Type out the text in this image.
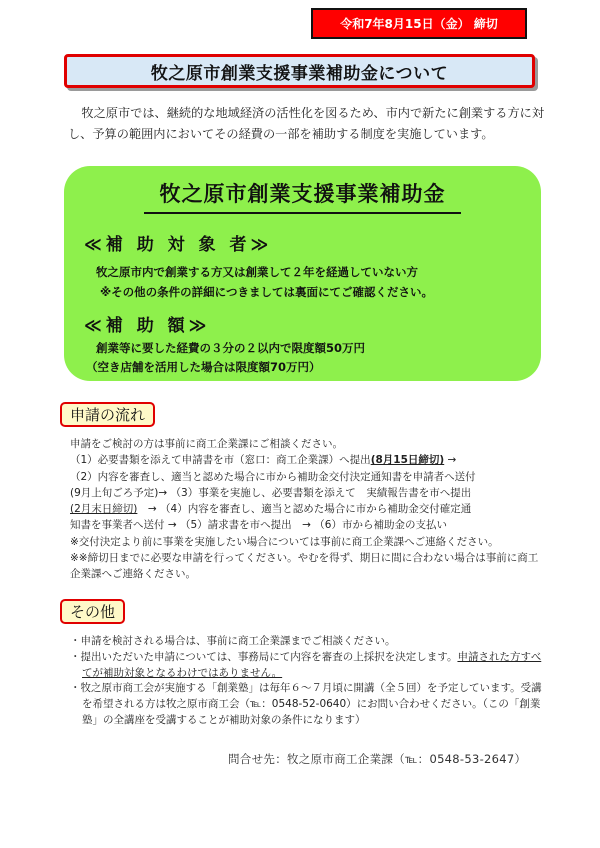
令和7年8月15日（金） 締切
牧之原市創業支援事業補助金について
牧之原市では、継続的な地域経済の活性化を図るため、市内で新たに創業する方に対し、予算の範囲内においてその経費の一部を補助する制度を実施しています。
牧之原市創業支援事業補助金
≪補 助 対 象 者≫
牧之原市内で創業する方又は創業して２年を経過していない方
※その他の条件の詳細につきましては裏面にてご確認ください。
≪補 助 額≫
創業等に要した経費の３分の２以内で限度額50万円
（空き店舗を活用した場合は限度額70万円）
申請の流れ
申請をご検討の方は事前に商工企業課にご相談ください。
（1）必要書類を添えて申請書を市（窓口：商工企業課）へ提出(8月15日締切) →
（2）内容を審査し、適当と認めた場合に市から補助金交付決定通知書を申請者へ送付
(9月上旬ごろ予定)→ （3）事業を実施し、必要書類を添えて　実績報告書を市へ提出
(2月末日締切)　→ （4）内容を審査し、適当と認めた場合に市から補助金交付確定通
知書を事業者へ送付 → （5）請求書を市へ提出　→ （6）市から補助金の支払い
※交付決定より前に事業を実施したい場合については事前に商工企業課へご連絡ください。
※※締切日までに必要な申請を行ってください。やむを得ず、期日に間に合わない場合は事前に商工企業課へご連絡ください。
その他
・申請を検討される場合は、事前に商工企業課までご相談ください。
・提出いただいた申請については、事務局にて内容を審査の上採択を決定します。申請された方すべてが補助対象となるわけではありません。
・牧之原市商工会が実施する「創業塾」は毎年６～７月頃に開講（全５回）を予定しています。受講を希望される方は牧之原市商工会（℡：0548-52-0640）にお問い合わせください。（この「創業塾」の全講座を受講することが補助対象の条件になります）
問合せ先：牧之原市商工企業課（℡：0548-53-2647）
